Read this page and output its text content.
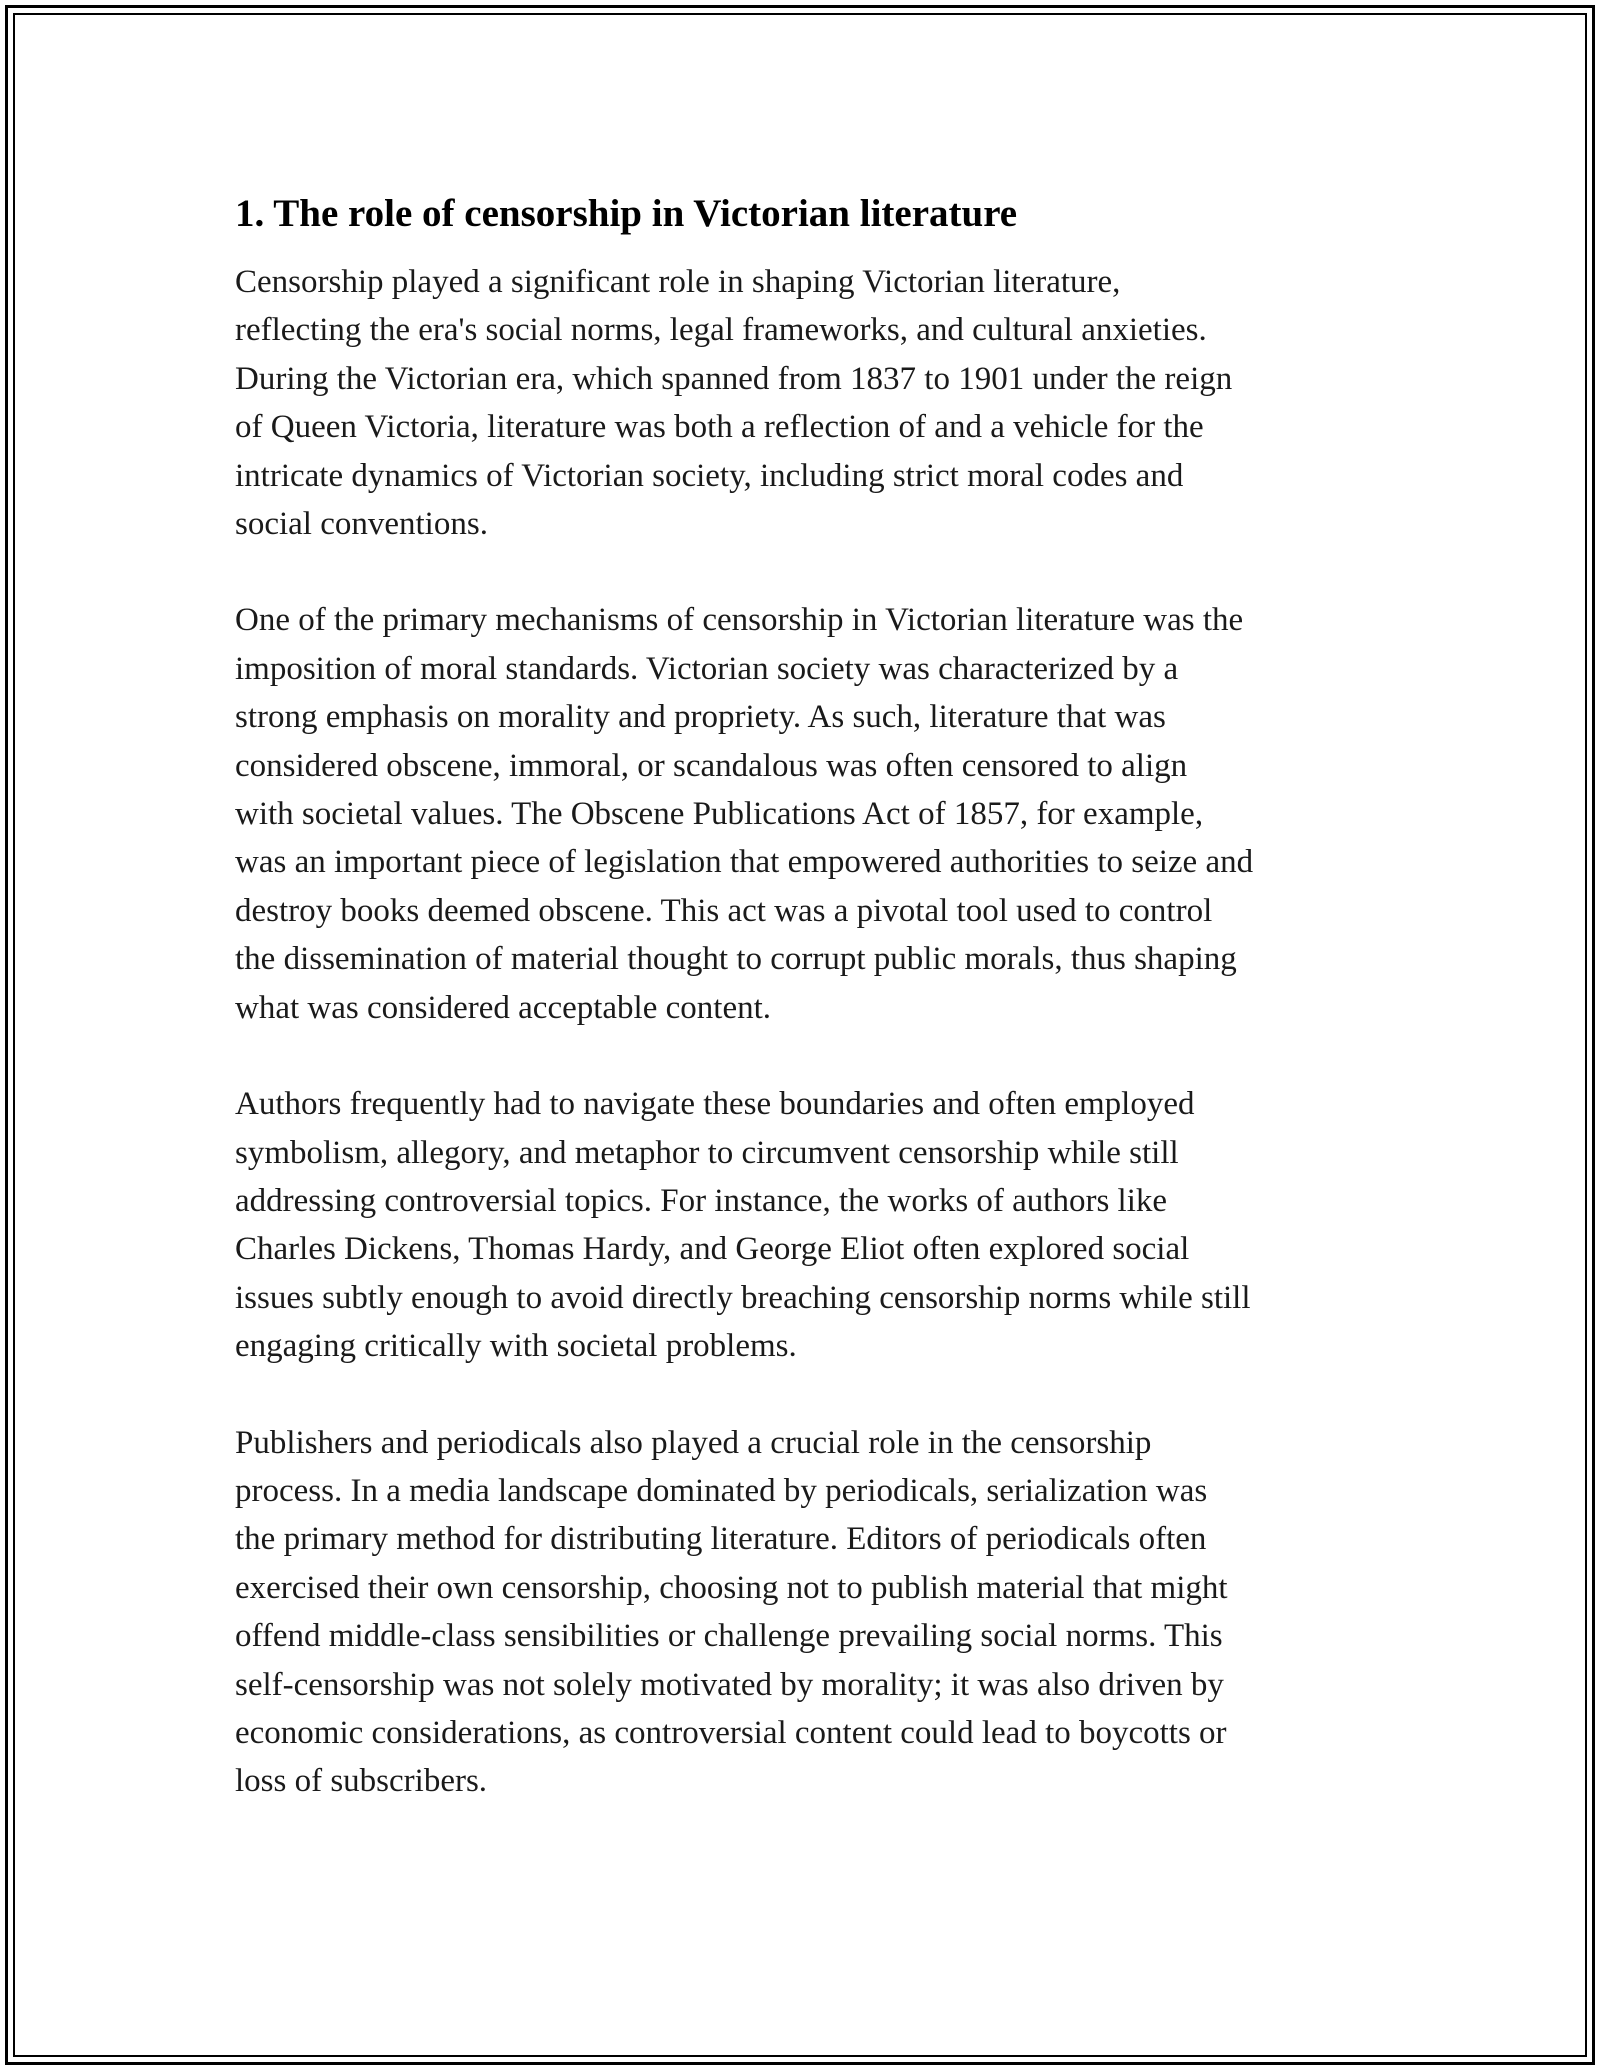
1. The role of censorship in Victorian literature

Censorship played a significant role in shaping Victorian literature,
reflecting the era's social norms, legal frameworks, and cultural anxieties.
During the Victorian era, which spanned from 1837 to 1901 under the reign
of Queen Victoria, literature was both a reflection of and a vehicle for the
intricate dynamics of Victorian society, including strict moral codes and
social conventions.

One of the primary mechanisms of censorship in Victorian literature was the
imposition of moral standards. Victorian society was characterized by a
strong emphasis on morality and propriety. As such, literature that was
considered obscene, immoral, or scandalous was often censored to align
with societal values. The Obscene Publications Act of 1857, for example,
was an important piece of legislation that empowered authorities to seize and
destroy books deemed obscene. This act was a pivotal tool used to control
the dissemination of material thought to corrupt public morals, thus shaping
what was considered acceptable content.

Authors frequently had to navigate these boundaries and often employed
symbolism, allegory, and metaphor to circumvent censorship while still
addressing controversial topics. For instance, the works of authors like
Charles Dickens, Thomas Hardy, and George Eliot often explored social
issues subtly enough to avoid directly breaching censorship norms while still
engaging critically with societal problems.

Publishers and periodicals also played a crucial role in the censorship
process. In a media landscape dominated by periodicals, serialization was
the primary method for distributing literature. Editors of periodicals often
exercised their own censorship, choosing not to publish material that might
offend middle-class sensibilities or challenge prevailing social norms. This
self-censorship was not solely motivated by morality; it was also driven by
economic considerations, as controversial content could lead to boycotts or
loss of subscribers.
